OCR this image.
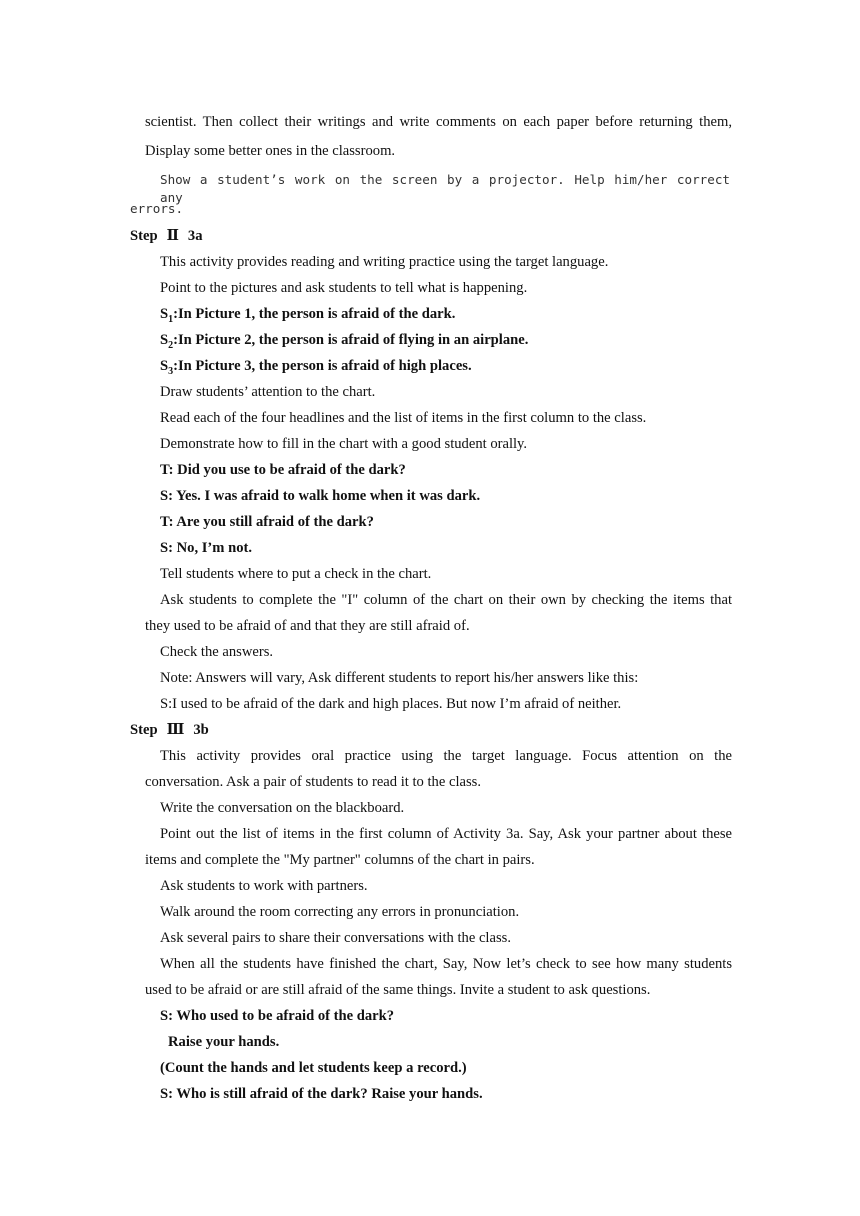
scientist. Then collect their writings and write comments on each paper before returning them,
Display some better ones in the classroom.
Show a student’s work on the screen by a projector. Help him/her correct any
errors.
Step Ⅱ 3a
This activity provides reading and writing practice using the target language.
Point to the pictures and ask students to tell what is happening.
$S_1:In$ Picture 1, the person is afraid of the dark.
$S_2:In$ Picture 2, the person is afraid of flying in an airplane.
$S_3:In$ Picture 3, the person is afraid of high places.
Draw students’ attention to the chart.
Read each of the four headlines and the list of items in the first column to the class.
Demonstrate how to fill in the chart with a good student orally.
T: Did you use to be afraid of the dark?
S: Yes. I was afraid to walk home when it was dark.
T: Are you still afraid of the dark?
S: No, I’m not.
Tell students where to put a check in the chart.
Ask students to complete the "I" column of the chart on their own by checking the items that
they used to be afraid of and that they are still afraid of.
Check the answers.
Note: Answers will vary, Ask different students to report his/her answers like this:
S:I used to be afraid of the dark and high places. But now I’m afraid of neither.
Step Ⅲ 3b
This activity provides oral practice using the target language. Focus attention on the
conversation. Ask a pair of students to read it to the class.
Write the conversation on the blackboard.
Point out the list of items in the first column of Activity 3a. Say, Ask your partner about these
items and complete the "My partner" columns of the chart in pairs.
Ask students to work with partners.
Walk around the room correcting any errors in pronunciation.
Ask several pairs to share their conversations with the class.
When all the students have finished the chart, Say, Now let’s check to see how many students
used to be afraid or are still afraid of the same things. Invite a student to ask questions.
S: Who used to be afraid of the dark?
Raise your hands.
(Count the hands and let students keep a record.)
S: Who is still afraid of the dark? Raise your hands.
